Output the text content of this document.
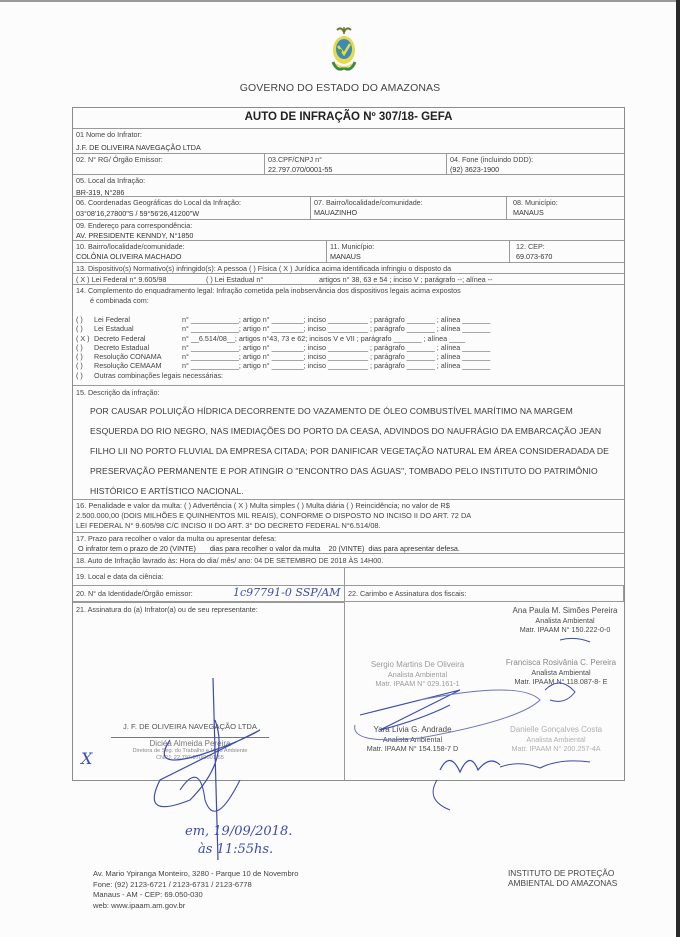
GOVERNO DO ESTADO DO AMAZONAS
AUTO DE INFRAÇÃO Nº 307/18- GEFA
01 Nome do Infrator:
J.F. DE OLIVEIRA NAVEGAÇÃO LTDA
02. N° RG/ Órgão Emissor:	03.CPF/CNPJ n°
22.797.070/0001-55
04. Fone (incluindo DDD):
(92) 3623-1900
05. Local da Infração:
BR-319, N°286
06. Coordenadas Geográficas do Local da Infração:
03°08'16,27800"S / 59°56'26,41200"W
07. Bairro/localidade/comunidade:
MAUAZINHO
08. Município:
MANAUS
09. Endereço para correspondência:
AV. PRESIDENTE KENNDY, N°1850
10. Bairro/localidade/comunidade:
COLÔNIA OLIVEIRA MACHADO
11. Município:
MANAUS
12. CEP:
69.073-670
13. Dispositivo(s) Normativo(s) infringido(s): A pessoa ( ) Física ( X ) Jurídica acima identificada infringiu o disposto da
( X ) Lei Federal n° 9.605/98	( ) Lei Estadual n°	artigos n° 38, 63 e 54 ; inciso V ; parágrafo --; alínea --
14. Complemento do enquadramento legal: Infração cometida pela inobservância dos dispositivos legais acima expostos
é combinada com:
( )	Lei Federal	n° ____________; artigo n° ________; inciso __________ ; parágrafo _______ ; alínea _______
( )	Lei Estadual	n° ____________; artigo n° ________; inciso __________ ; parágrafo _______ ; alínea _______
( X ) Decreto Federal	n° __6.514/08__; artigos n°43, 73 e 62; incisos V e VII ; parágrafo _______ ; alínea ____
( )	Decreto Estadual	n° ____________; artigo n° ________; inciso __________ ; parágrafo _______ ; alínea _______
( )	Resolução CONAMA	n° ____________; artigo n° ________; inciso __________ ; parágrafo _______ ; alínea _______
( )	Resolução CEMAAM	n° ____________; artigo n° ________; inciso __________ ; parágrafo _______ ; alínea _______
( )	Outras combinações legais necessárias:
15. Descrição da infração:
POR CAUSAR POLUIÇÃO HÍDRICA DECORRENTE DO VAZAMENTO DE ÓLEO COMBUSTÍVEL MARÍTIMO NA MARGEM ESQUERDA DO RIO NEGRO, NAS IMEDIAÇÕES DO PORTO DA CEASA, ADVINDOS DO NAUFRÁGIO DA EMBARCAÇÃO JEAN FILHO LII NO PORTO FLUVIAL DA EMPRESA CITADA; POR DANIFICAR VEGETAÇÃO NATURAL EM ÁREA CONSIDERADADA DE PRESERVAÇÃO PERMANENTE E POR ATINGIR O "ENCONTRO DAS ÁGUAS", TOMBADO PELO INSTITUTO DO PATRIMÔNIO HISTÓRICO E ARTÍSTICO NACIONAL.
16. Penalidade e valor da multa: ( ) Advertência ( X ) Multa simples ( ) Multa diária ( ) Reincidência; no valor de R$
2.500.000,00 (DOIS MILHÕES E QUINHENTOS MIL REAIS), CONFORME O DISPOSTO NO INCISO II DO ART. 72 DA
LEI FEDERAL N° 9.605/98 C/C INCISO II DO ART. 3° DO DECRETO FEDERAL N°6.514/08.
17. Prazo para recolher o valor da multa ou apresentar defesa:
O infrator tem o prazo de 20 (VINTE)       dias para recolher o valor da multa    20 (VINTE)  dias para apresentar defesa.
18. Auto de Infração lavrado às: Hora do dia/ mês/ ano: 04 DE SETEMBRO DE 2018 ÀS 14H00.
19. Local e data da ciência:
20. N° da Identidade/Órgão emissor:	22. Carimbo e Assinatura dos fiscais:
1c97791-0 SSP/AM
21. Assinatura do (a) Infrator(a) ou de seu representante:
J. F. DE OLIVEIRA NAVEGAÇÃO LTDA
Diciéa Almeida Pereira
Diretora de Seg. do Trabalho e Meio Ambiente
CNPJ: 22.797.070/0001-55
X
Ana Paula M. Simões Pereira
Analista Ambiental
Matr. IPAAM N° 150.222-0-0
Francisca Rosivânia C. Pereira
Analista Ambiental
Matr. IPAAM N° 118.087-8- E
Sergio Martins De Oliveira
Analista Ambiental
Matr. IPAAM N° 029.161-1
Yara Lívia G. Andrade
Analista Ambiental
Matr. IPAAM N° 154.158-7 D
Danielle Gonçalves Costa
Analista Ambiental
Matr. IPAAM N° 200.257-4A
em, 19/09/2018.
às 11:55hs.
Av. Mario Ypiranga Monteiro, 3280 - Parque 10 de Novembro
Fone: (92) 2123-6721 / 2123-6731 / 2123-6778
Manaus - AM - CEP: 69.050-030
web: www.ipaam.am.gov.br
INSTITUTO DE PROTEÇÃO
AMBIENTAL DO AMAZONAS
